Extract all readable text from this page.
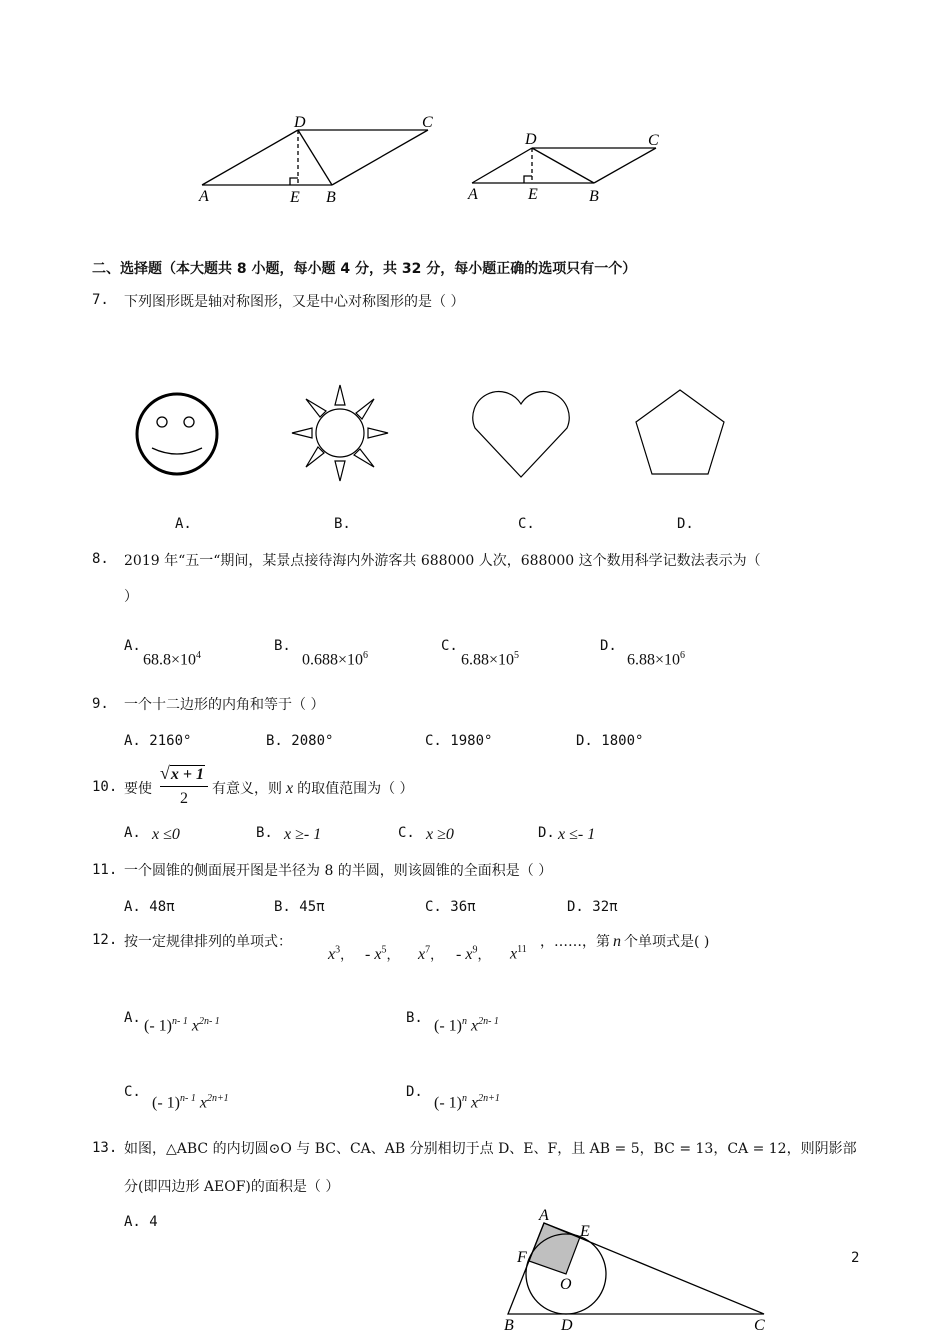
A	E B
D	C
A	E	B
D	C
二、选择题（本大题共 8 小题，每小题 4 分，共 32 分，每小题正确的选项只有一个）
7. 下列图形既是轴对称图形，又是中心对称图形的是（ ）
A.	B.	C.	D.
8. 2019 年“五一“期间，某景点接待海内外游客共 688000 人次，688000 这个数用科学记数法表示为（
）
A.
$68.8\times 10^4$
B.
$0.688\times 10^6$
C.
$6.88\times 10^5$
D.
$6.88\times 10^6$
9. 一个十二边形的内角和等于（ ）
A. 2160°	B. 2080°	C. 1980°	D. 1800°
10. 要使
√x + 1
2
有意义，则 x 的取值范围为（ ）
A. x ≤0	B. x ≥- 1	C. x ≥0	D. x ≤- 1
11. 一个圆锥的侧面展开图是半径为 8 的半圆，则该圆锥的全面积是（ ）
A. 48π	B. 45π	C. 36π	D. 32π
12. 按一定规律排列的单项式：
$x^3$， - $x^5$， $x^7$， - $x^9$， $x^{11}$ ，……，第 n 个单项式是( )
A. (- 1)$^{n- 1}$ $x^{2n- 1}$	B. (- 1)$^n$ $x^{2n- 1}$
C.
(- 1)$^{n- 1}$ $x^{2n+1}$	D.
(- 1)$^n$ $x^{2n+1}$
13. 如图，△ABC 的内切圆⊙O 与 BC、CA、AB 分别相切于点 D、E、F，且 AB = 5，BC = 13，CA = 12，则阴影部
分(即四边形 AEOF)的面积是（ ）
A. 4	A
E
F
O
B	D	C
2
